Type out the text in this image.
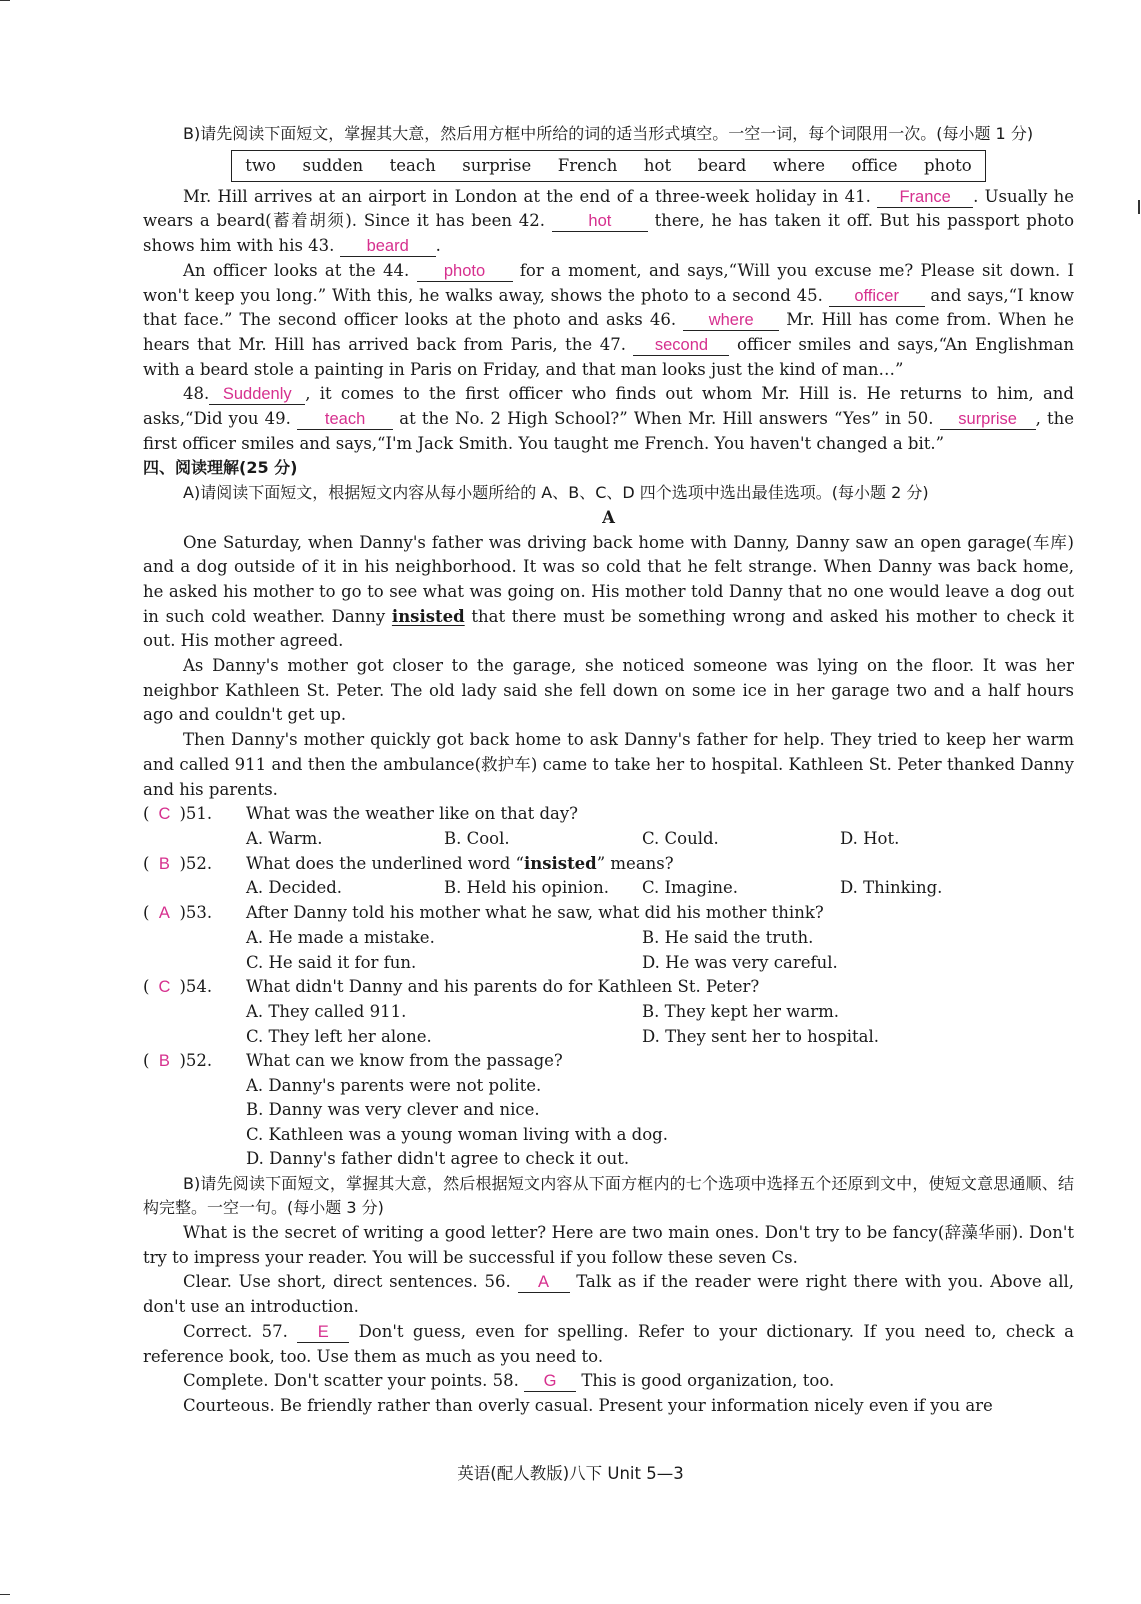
B)请先阅读下面短文，掌握其大意，然后用方框中所给的词的适当形式填空。一空一词，每个词限用一次。(每小题 1 分)

two sudden teach surprise French hot beard where office photo

Mr. Hill arrives at an airport in London at the end of a three-week holiday in 41. France . Usually he wears a beard(蓄着胡须). Since it has been 42.	hot there, he has taken it off. But his passport photo shows him with his 43. beard .

An officer looks at the 44. photo for a moment, and says,“Will you excuse me? Please sit down. I won't keep you long.” With this, he walks away, shows the photo to a second 45. officer and says,“I know that face.” The second officer looks at the photo and asks 46. where Mr. Hill has come from. When he hears that Mr. Hill has arrived back from Paris, the 47. second officer smiles and says,“An Englishman with a beard stole a painting in Paris on Friday, and that man looks just the kind of man…”

48. Suddenly , it comes to the first officer who finds out whom Mr. Hill is. He returns to him, and asks,“Did you 49. teach at the No. 2 High School?” When Mr. Hill answers “Yes” in 50. surprise , the first officer smiles and says,“I'm Jack Smith. You taught me French. You haven't changed a bit.”

四、阅读理解(25 分)

A)请阅读下面短文，根据短文内容从每小题所给的 A、B、C、D 四个选项中选出最佳选项。(每小题 2 分)

A

One Saturday, when Danny's father was driving back home with Danny, Danny saw an open garage(车库) and a dog outside of it in his neighborhood. It was so cold that he felt strange. When Danny was back home, he asked his mother to go to see what was going on. His mother told Danny that no one would leave a dog out in such cold weather. Danny insisted that there must be something wrong and asked his mother to check it out. His mother agreed.

As Danny's mother got closer to the garage, she noticed someone was lying on the floor. It was her neighbor Kathleen St. Peter. The old lady said she fell down on some ice in her garage two and a half hours ago and couldn't get up.

Then Danny's mother quickly got back home to ask Danny's father for help. They tried to keep her warm and called 911 and then the ambulance(救护车) came to take her to hospital. Kathleen St. Peter thanked Danny and his parents.

( C )51.	What was the weather like on that day?
A. Warm.	B. Cool.	C. Could.	D. Hot.
( B )52.	What does the underlined word “insisted” means?
A. Decided.	B. Held his opinion.	C. Imagine.	D. Thinking.
( A )53.	After Danny told his mother what he saw, what did his mother think?
A. He made a mistake.	B. He said the truth.
C. He said it for fun.	D. He was very careful.
( C )54.	What didn't Danny and his parents do for Kathleen St. Peter?
A. They called 911.	B. They kept her warm.
C. They left her alone.	D. They sent her to hospital.
( B )52.	What can we know from the passage?
A. Danny's parents were not polite.
B. Danny was very clever and nice.
C. Kathleen was a young woman living with a dog.
D. Danny's father didn't agree to check it out.

B)请先阅读下面短文，掌握其大意，然后根据短文内容从下面方框内的七个选项中选择五个还原到文中，使短文意思通顺、结构完整。一空一句。(每小题 3 分)

What is the secret of writing a good letter? Here are two main ones. Don't try to be fancy(辞藻华丽). Don't try to impress your reader. You will be successful if you follow these seven Cs.

Clear. Use short, direct sentences. 56. A Talk as if the reader were right there with you. Above all, don't use an introduction.

Correct. 57. E Don't guess, even for spelling. Refer to your dictionary. If you need to, check a reference book, too. Use them as much as you need to.

Complete. Don't scatter your points. 58. G This is good organization, too.

Courteous. Be friendly rather than overly casual. Present your information nicely even if you are

英语(配人教版)八下 Unit 5—3
